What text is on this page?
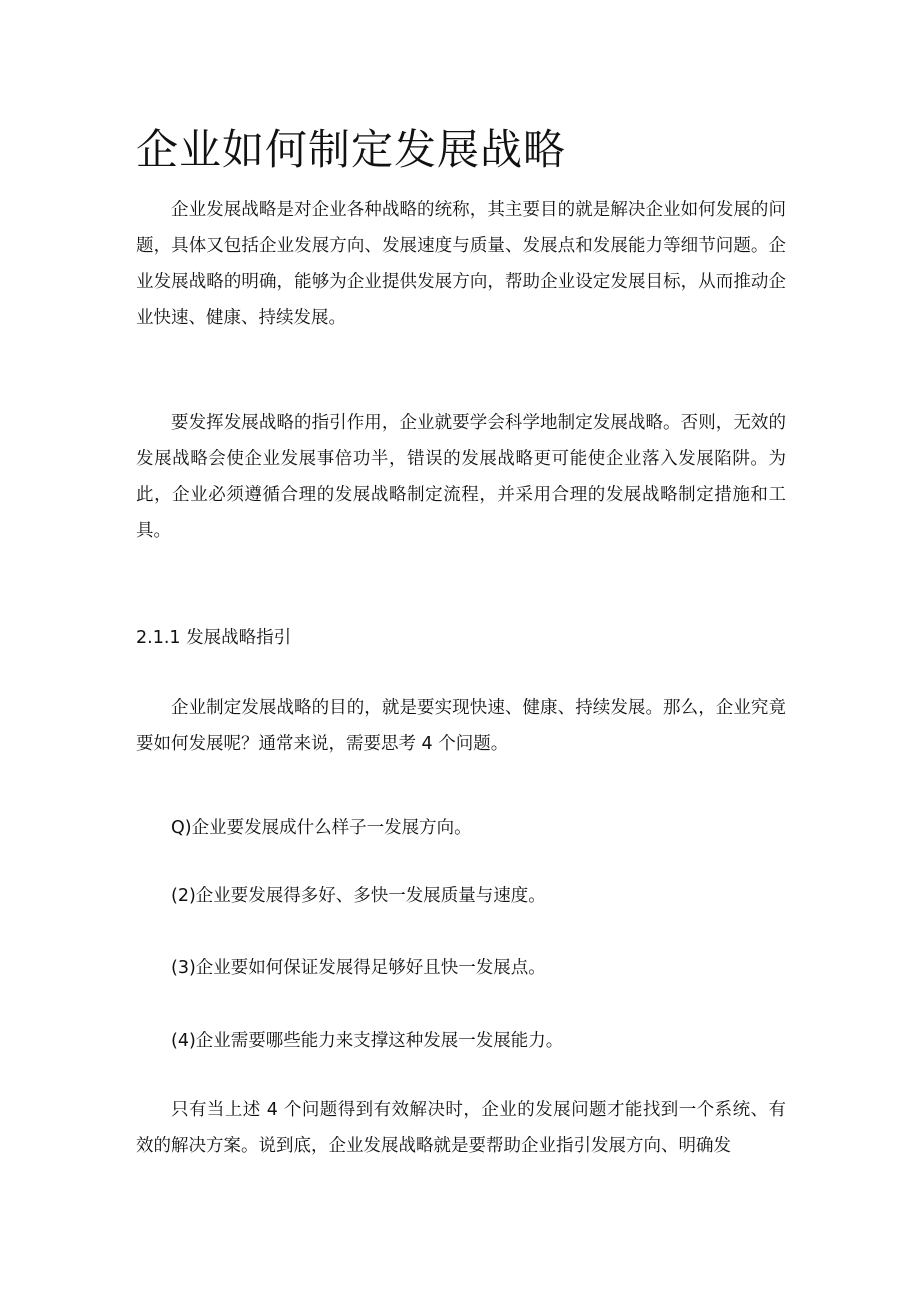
企业如何制定发展战略

企业发展战略是对企业各种战略的统称，其主要目的就是解决企业如何发展的问题，具体又包括企业发展方向、发展速度与质量、发展点和发展能力等细节问题。企业发展战略的明确，能够为企业提供发展方向，帮助企业设定发展目标，从而推动企业快速、健康、持续发展。

要发挥发展战略的指引作用，企业就要学会科学地制定发展战略。否则，无效的发展战略会使企业发展事倍功半，错误的发展战略更可能使企业落入发展陷阱。为此，企业必须遵循合理的发展战略制定流程，并采用合理的发展战略制定措施和工具。

2.1.1 发展战略指引

企业制定发展战略的目的，就是要实现快速、健康、持续发展。那么，企业究竟要如何发展呢？通常来说，需要思考 4 个问题。

Q)企业要发展成什么样子一发展方向。

(2)企业要发展得多好、多快一发展质量与速度。

(3)企业要如何保证发展得足够好且快一发展点。

(4)企业需要哪些能力来支撑这种发展一发展能力。

只有当上述 4 个问题得到有效解决时，企业的发展问题才能找到一个系统、有效的解决方案。说到底，企业发展战略就是要帮助企业指引发展方向、明确发
